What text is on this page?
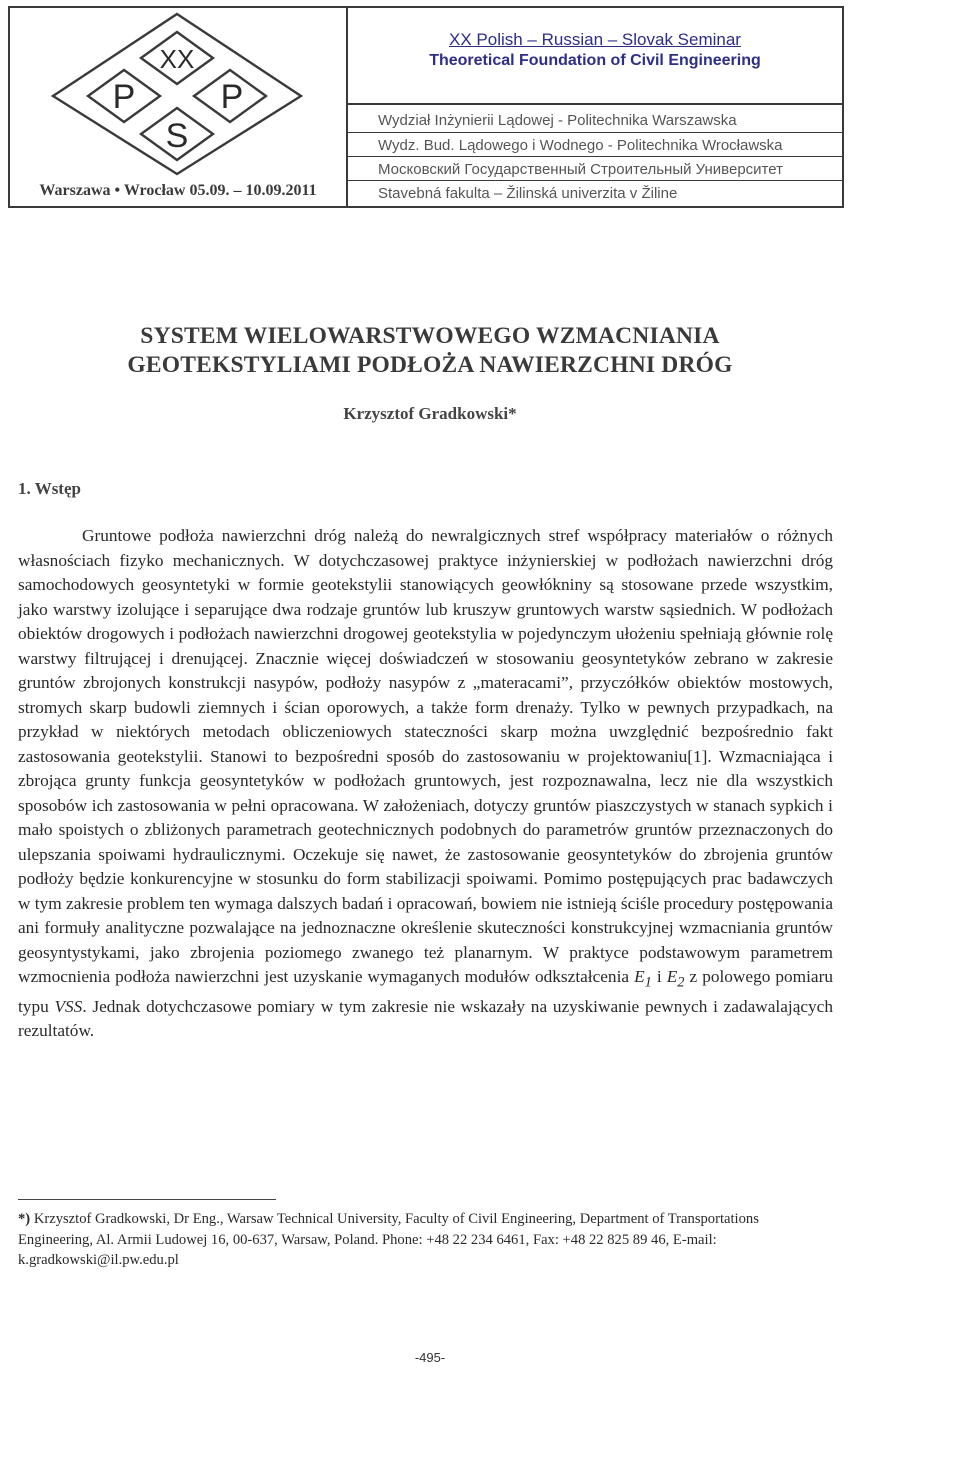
XX
P	P
S
Warszawa • Wrocław 05.09. – 10.09.2011
XX Polish – Russian – Slovak Seminar
Theoretical Foundation of Civil Engineering
Wydział Inżynierii Lądowej - Politechnika Warszawska
Wydz. Bud. Lądowego i Wodnego - Politechnika Wrocławska
Московский Государственный Строительный Университет
Stavebná fakulta – Žilinská univerzita v Žiline
SYSTEM WIELOWARSTWOWEGO WZMACNIANIA
GEOTEKSTYLIAMI PODŁOŻA NAWIERZCHNI DRÓG
Krzysztof Gradkowski*
1. Wstęp

Gruntowe podłoża nawierzchni dróg należą do newralgicznych stref współpracy materiałów o różnych własnościach fizyko mechanicznych. W dotychczasowej praktyce inżynierskiej w podłożach nawierzchni dróg samochodowych geosyntetyki w formie geotekstylii stanowiących geowłókniny są stosowane przede wszystkim, jako warstwy izolujące i separujące dwa rodzaje gruntów lub kruszyw gruntowych warstw sąsiednich. W podłożach obiektów drogowych i podłożach nawierzchni drogowej geotekstylia w pojedynczym ułożeniu spełniają głównie rolę warstwy filtrującej i drenującej. Znacznie więcej doświadczeń w stosowaniu geosyntetyków zebrano w zakresie gruntów zbrojonych konstrukcji nasypów, podłoży nasypów z „materacami”, przyczółków obiektów mostowych, stromych skarp budowli ziemnych i ścian oporowych, a także form drenaży. Tylko w pewnych przypadkach, na przykład w niektórych metodach obliczeniowych stateczności skarp można uwzględnić bezpośrednio fakt zastosowania geotekstylii. Stanowi to bezpośredni sposób do zastosowaniu w projektowaniu[1]. Wzmacniająca i zbrojąca grunty funkcja geosyntetyków w podłożach gruntowych, jest rozpoznawalna, lecz nie dla wszystkich sposobów ich zastosowania w pełni opracowana. W założeniach, dotyczy gruntów piaszczystych w stanach sypkich i mało spoistych o zbliżonych parametrach geotechnicznych podobnych do parametrów gruntów przeznaczonych do ulepszania spoiwami hydraulicznymi. Oczekuje się nawet, że zastosowanie geosyntetyków do zbrojenia gruntów podłoży będzie konkurencyjne w stosunku do form stabilizacji spoiwami. Pomimo postępujących prac badawczych w tym zakresie problem ten wymaga dalszych badań i opracowań, bowiem nie istnieją ściśle procedury postępowania ani formuły analityczne pozwalające na jednoznaczne określenie skuteczności konstrukcyjnej wzmacniania gruntów geosyntystykami, jako zbrojenia poziomego zwanego też planarnym. W praktyce podstawowym parametrem wzmocnienia podłoża nawierzchni jest uzyskanie wymaganych modułów odkształcenia $E_1$ i $E_2$ z polowego pomiaru typu VSS. Jednak dotychczasowe pomiary w tym zakresie nie wskazały na uzyskiwanie pewnych i zadawalających rezultatów.

*) Krzysztof Gradkowski, Dr Eng., Warsaw Technical University, Faculty of Civil Engineering, Department of Transportations Engineering, Al. Armii Ludowej 16, 00-637, Warsaw, Poland. Phone: +48 22 234 6461, Fax: +48 22 825 89 46, E-mail: k.gradkowski@il.pw.edu.pl

-495-
